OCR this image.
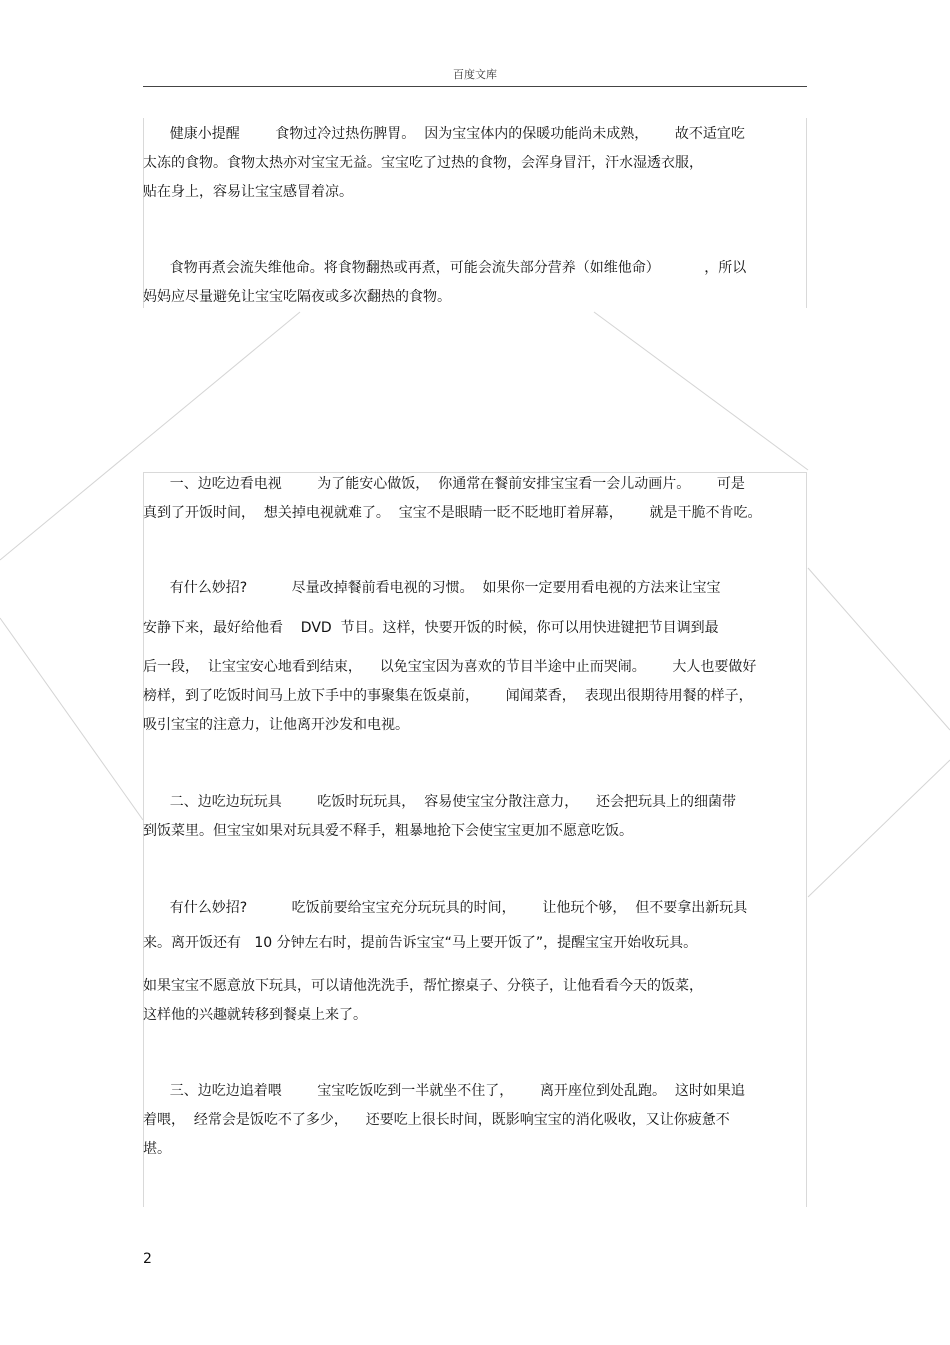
百度文库
健康小提醒        食物过冷过热伤脾胃。  因为宝宝体内的保暖功能尚未成熟，      故不适宜吃
太冻的食物。食物太热亦对宝宝无益。宝宝吃了过热的食物，会浑身冒汗，汗水湿透衣服，
贴在身上，容易让宝宝感冒着凉。
食物再煮会流失维他命。将食物翻热或再煮，可能会流失部分营养（如维他命）          ，所以
妈妈应尽量避免让宝宝吃隔夜或多次翻热的食物。
一、边吃边看电视        为了能安心做饭，  你通常在餐前安排宝宝看一会儿动画片。      可是
真到了开饭时间，  想关掉电视就难了。  宝宝不是眼睛一眨不眨地盯着屏幕，      就是干脆不肯吃。
有什么妙招?          尽量改掉餐前看电视的习惯。  如果你一定要用看电视的方法来让宝宝
安静下来，最好给他看    DVD  节目。这样，快要开饭的时候，你可以用快进键把节目调到最
后一段，  让宝宝安心地看到结束，    以免宝宝因为喜欢的节目半途中止而哭闹。      大人也要做好
榜样，到了吃饭时间马上放下手中的事聚集在饭桌前，      闻闻菜香，  表现出很期待用餐的样子，
吸引宝宝的注意力，让他离开沙发和电视。
二、边吃边玩玩具        吃饭时玩玩具，  容易使宝宝分散注意力，    还会把玩具上的细菌带
到饭菜里。但宝宝如果对玩具爱不释手，粗暴地抢下会使宝宝更加不愿意吃饭。
有什么妙招?          吃饭前要给宝宝充分玩玩具的时间，      让他玩个够，  但不要拿出新玩具
来。离开饭还有   10 分钟左右时，提前告诉宝宝“马上要开饭了”，提醒宝宝开始收玩具。
如果宝宝不愿意放下玩具，可以请他洗洗手，帮忙擦桌子、分筷子，让他看看今天的饭菜，
这样他的兴趣就转移到餐桌上来了。
三、边吃边追着喂        宝宝吃饭吃到一半就坐不住了，      离开座位到处乱跑。  这时如果追
着喂，  经常会是饭吃不了多少，    还要吃上很长时间，既影响宝宝的消化吸收，又让你疲惫不
堪。
2
